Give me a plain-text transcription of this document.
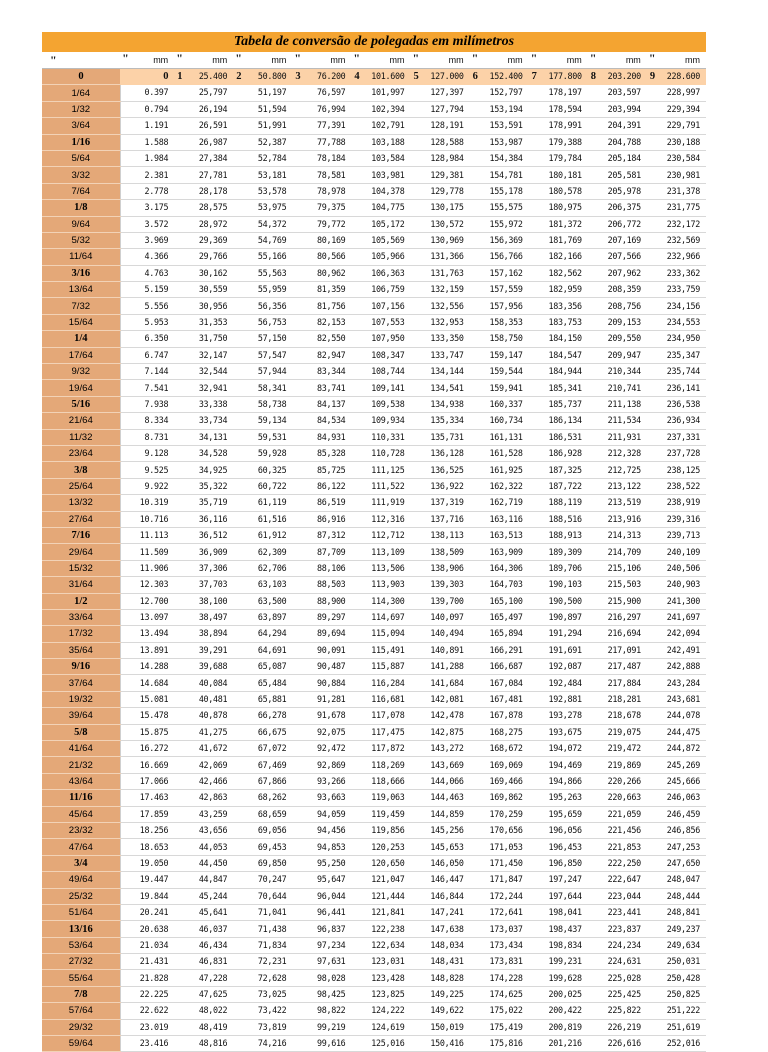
Tabela de conversão de polegadas em milímetros
"	" mm	" mm	" mm	" mm	" mm	" mm	" mm	" mm	" mm	" mm
0	0	1 25.400	2 50.800	3 76.200	4 101.600	5 127.000	6 152.400	7 177.800	8 203.200	9 228.600
1/64	0.397	25,797	51,197	76,597	101,997	127,397	152,797	178,197	203,597	228,997
1/32	0.794	26,194	51,594	76,994	102,394	127,794	153,194	178,594	203,994	229,394
3/64	1.191	26,591	51,991	77,391	102,791	128,191	153,591	178,991	204,391	229,791
1/16	1.588	26,987	52,387	77,788	103,188	128,588	153,987	179,388	204,788	230,188
5/64	1.984	27,384	52,784	78,184	103,584	128,984	154,384	179,784	205,184	230,584
3/32	2.381	27,781	53,181	78,581	103,981	129,381	154,781	180,181	205,581	230,981
7/64	2.778	28,178	53,578	78,978	104,378	129,778	155,178	180,578	205,978	231,378
1/8	3.175	28,575	53,975	79,375	104,775	130,175	155,575	180,975	206,375	231,775
9/64	3.572	28,972	54,372	79,772	105,172	130,572	155,972	181,372	206,772	232,172
5/32	3.969	29,369	54,769	80,169	105,569	130,969	156,369	181,769	207,169	232,569
11/64	4.366	29,766	55,166	80,566	105,966	131,366	156,766	182,166	207,566	232,966
3/16	4.763	30,162	55,563	80,962	106,363	131,763	157,162	182,562	207,962	233,362
13/64	5.159	30,559	55,959	81,359	106,759	132,159	157,559	182,959	208,359	233,759
7/32	5.556	30,956	56,356	81,756	107,156	132,556	157,956	183,356	208,756	234,156
15/64	5.953	31,353	56,753	82,153	107,553	132,953	158,353	183,753	209,153	234,553
1/4	6.350	31,750	57,150	82,550	107,950	133,350	158,750	184,150	209,550	234,950
17/64	6.747	32,147	57,547	82,947	108,347	133,747	159,147	184,547	209,947	235,347
9/32	7.144	32,544	57,944	83,344	108,744	134,144	159,544	184,944	210,344	235,744
19/64	7.541	32,941	58,341	83,741	109,141	134,541	159,941	185,341	210,741	236,141
5/16	7.938	33,338	58,738	84,137	109,538	134,938	160,337	185,737	211,138	236,538
21/64	8.334	33,734	59,134	84,534	109,934	135,334	160,734	186,134	211,534	236,934
11/32	8.731	34,131	59,531	84,931	110,331	135,731	161,131	186,531	211,931	237,331
23/64	9.128	34,528	59,928	85,328	110,728	136,128	161,528	186,928	212,328	237,728
3/8	9.525	34,925	60,325	85,725	111,125	136,525	161,925	187,325	212,725	238,125
25/64	9.922	35,322	60,722	86,122	111,522	136,922	162,322	187,722	213,122	238,522
13/32	10.319	35,719	61,119	86,519	111,919	137,319	162,719	188,119	213,519	238,919
27/64	10.716	36,116	61,516	86,916	112,316	137,716	163,116	188,516	213,916	239,316
7/16	11.113	36,512	61,912	87,312	112,712	138,113	163,513	188,913	214,313	239,713
29/64	11.509	36,909	62,309	87,709	113,109	138,509	163,909	189,309	214,709	240,109
15/32	11.906	37,306	62,706	88,106	113,506	138,906	164,306	189,706	215,106	240,506
31/64	12.303	37,703	63,103	88,503	113,903	139,303	164,703	190,103	215,503	240,903
1/2	12.700	38,100	63,500	88,900	114,300	139,700	165,100	190,500	215,900	241,300
33/64	13.097	38,497	63,897	89,297	114,697	140,097	165,497	190,897	216,297	241,697
17/32	13.494	38,894	64,294	89,694	115,094	140,494	165,894	191,294	216,694	242,094
35/64	13.891	39,291	64,691	90,091	115,491	140,891	166,291	191,691	217,091	242,491
9/16	14.288	39,688	65,087	90,487	115,887	141,288	166,687	192,087	217,487	242,888
37/64	14.684	40,084	65,484	90,884	116,284	141,684	167,084	192,484	217,884	243,284
19/32	15.081	40,481	65,881	91,281	116,681	142,081	167,481	192,881	218,281	243,681
39/64	15.478	40,878	66,278	91,678	117,078	142,478	167,878	193,278	218,678	244,078
5/8	15.875	41,275	66,675	92,075	117,475	142,875	168,275	193,675	219,075	244,475
41/64	16.272	41,672	67,072	92,472	117,872	143,272	168,672	194,072	219,472	244,872
21/32	16.669	42,069	67,469	92,869	118,269	143,669	169,069	194,469	219,869	245,269
43/64	17.066	42,466	67,866	93,266	118,666	144,066	169,466	194,866	220,266	245,666
11/16	17.463	42,863	68,262	93,663	119,063	144,463	169,862	195,263	220,663	246,063
45/64	17.859	43,259	68,659	94,059	119,459	144,859	170,259	195,659	221,059	246,459
23/32	18.256	43,656	69,056	94,456	119,856	145,256	170,656	196,056	221,456	246,856
47/64	18.653	44,053	69,453	94,853	120,253	145,653	171,053	196,453	221,853	247,253
3/4	19.050	44,450	69,850	95,250	120,650	146,050	171,450	196,850	222,250	247,650
49/64	19.447	44,847	70,247	95,647	121,047	146,447	171,847	197,247	222,647	248,047
25/32	19.844	45,244	70,644	96,044	121,444	146,844	172,244	197,644	223,044	248,444
51/64	20.241	45,641	71,041	96,441	121,841	147,241	172,641	198,041	223,441	248,841
13/16	20.638	46,037	71,438	96,837	122,238	147,638	173,037	198,437	223,837	249,237
53/64	21.034	46,434	71,834	97,234	122,634	148,034	173,434	198,834	224,234	249,634
27/32	21.431	46,831	72,231	97,631	123,031	148,431	173,831	199,231	224,631	250,031
55/64	21.828	47,228	72,628	98,028	123,428	148,828	174,228	199,628	225,028	250,428
7/8	22.225	47,625	73,025	98,425	123,825	149,225	174,625	200,025	225,425	250,825
57/64	22.622	48,022	73,422	98,822	124,222	149,622	175,022	200,422	225,822	251,222
29/32	23.019	48,419	73,819	99,219	124,619	150,019	175,419	200,819	226,219	251,619
59/64	23.416	48,816	74,216	99,616	125,016	150,416	175,816	201,216	226,616	252,016
